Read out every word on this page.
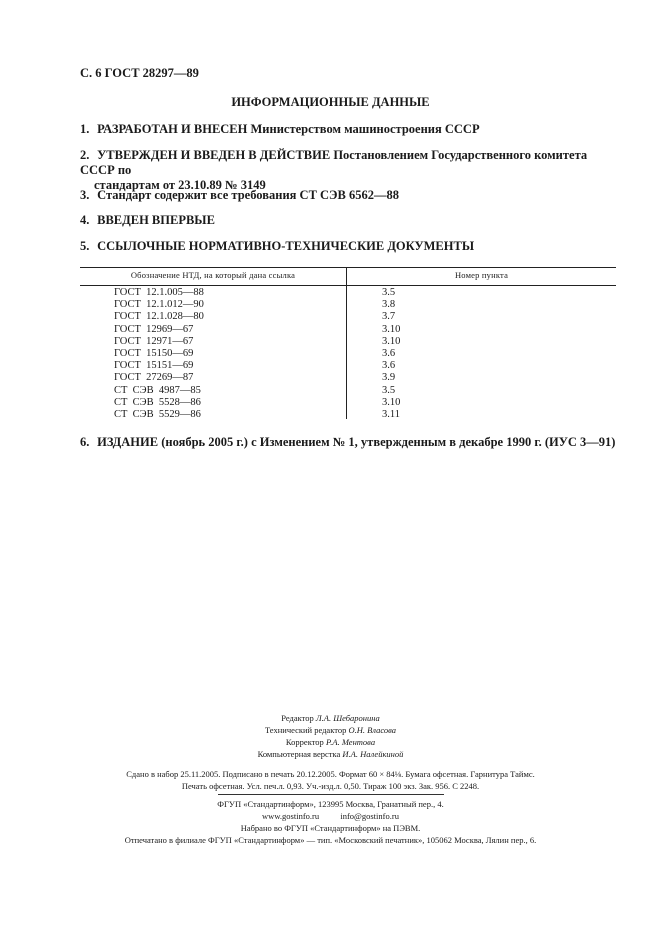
С. 6 ГОСТ 28297—89
ИНФОРМАЦИОННЫЕ ДАННЫЕ
1. РАЗРАБОТАН И ВНЕСЕН Министерством машиностроения СССР
2. УТВЕРЖДЕН И ВВЕДЕН В ДЕЙСТВИЕ Постановлением Государственного комитета СССР по
стандартам от 23.10.89 № 3149
3. Стандарт содержит все требования СТ СЭВ 6562—88
4. ВВЕДЕН ВПЕРВЫЕ
5. ССЫЛОЧНЫЕ НОРМАТИВНО-ТЕХНИЧЕСКИЕ ДОКУМЕНТЫ
Обозначение НТД, на который дана ссылка	Номер пункта
ГОСТ  12.1.005—88	3.5
ГОСТ  12.1.012—90	3.8
ГОСТ  12.1.028—80	3.7
ГОСТ  12969—67	3.10
ГОСТ  12971—67	3.10
ГОСТ  15150—69	3.6
ГОСТ  15151—69	3.6
ГОСТ  27269—87	3.9
СТ  СЭВ  4987—85	3.5
СТ  СЭВ  5528—86	3.10
СТ  СЭВ  5529—86	3.11
6. ИЗДАНИЕ (ноябрь 2005 г.) с Изменением № 1, утвержденным в декабре 1990 г. (ИУС 3—91)
Редактор Л.А. Шебаронина
Технический редактор О.Н. Власова
Корректор Р.А. Ментова
Компьютерная верстка И.А. Налейкиной
Сдано в набор 25.11.2005. Подписано в печать 20.12.2005. Формат 60 × 84⅛. Бумага офсетная. Гарнитура Таймс.
Печать офсетная. Усл. печ.л. 0,93. Уч.-изд.л. 0,50. Тираж 100 экз. Зак. 956. С 2248.
ФГУП «Стандартинформ», 123995 Москва, Гранатный пер., 4.
www.gostinfo.ru          info@gostinfo.ru
Набрано во ФГУП «Стандартинформ» на ПЭВМ.
Отпечатано в филиале ФГУП «Стандартинформ» — тип. «Московский печатник», 105062 Москва, Лялин пер., 6.
